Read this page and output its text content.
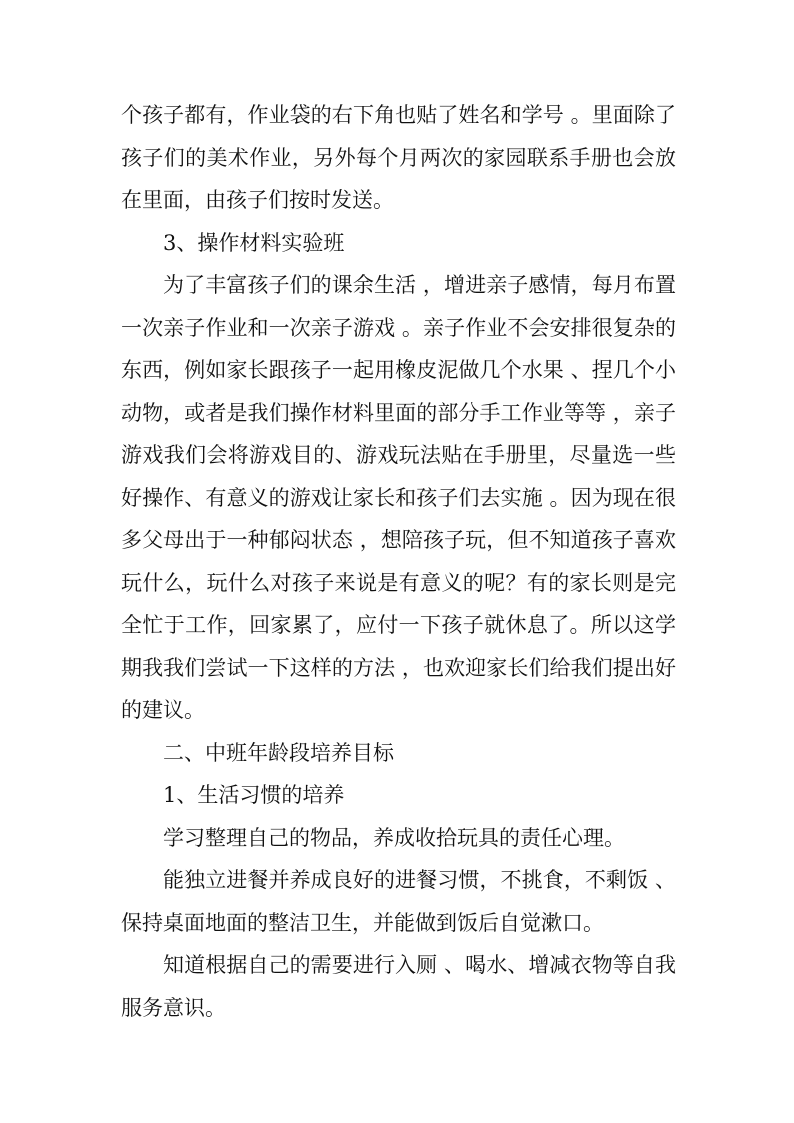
个孩子都有，作业袋的右下角也贴了姓名和学号 。里面除了孩子们的美术作业，另外每个月两次的家园联系手册也会放在里面，由孩子们按时发送。

3、操作材料实验班

为了丰富孩子们的课余生活 ，增进亲子感情，每月布置一次亲子作业和一次亲子游戏 。亲子作业不会安排很复杂的东西，例如家长跟孩子一起用橡皮泥做几个水果 、捏几个小动物，或者是我们操作材料里面的部分手工作业等等 ，亲子游戏我们会将游戏目的、游戏玩法贴在手册里，尽量选一些好操作、有意义的游戏让家长和孩子们去实施 。因为现在很多父母出于一种郁闷状态 ，想陪孩子玩，但不知道孩子喜欢玩什么，玩什么对孩子来说是有意义的呢？有的家长则是完全忙于工作，回家累了，应付一下孩子就休息了。所以这学期我我们尝试一下这样的方法 ，也欢迎家长们给我们提出好的建议。

二、中班年龄段培养目标

1、生活习惯的培养

学习整理自己的物品，养成收拾玩具的责任心理。

能独立进餐并养成良好的进餐习惯，不挑食，不剩饭 、保持桌面地面的整洁卫生，并能做到饭后自觉漱口。

知道根据自己的需要进行入厕 、喝水、增减衣物等自我服务意识。
